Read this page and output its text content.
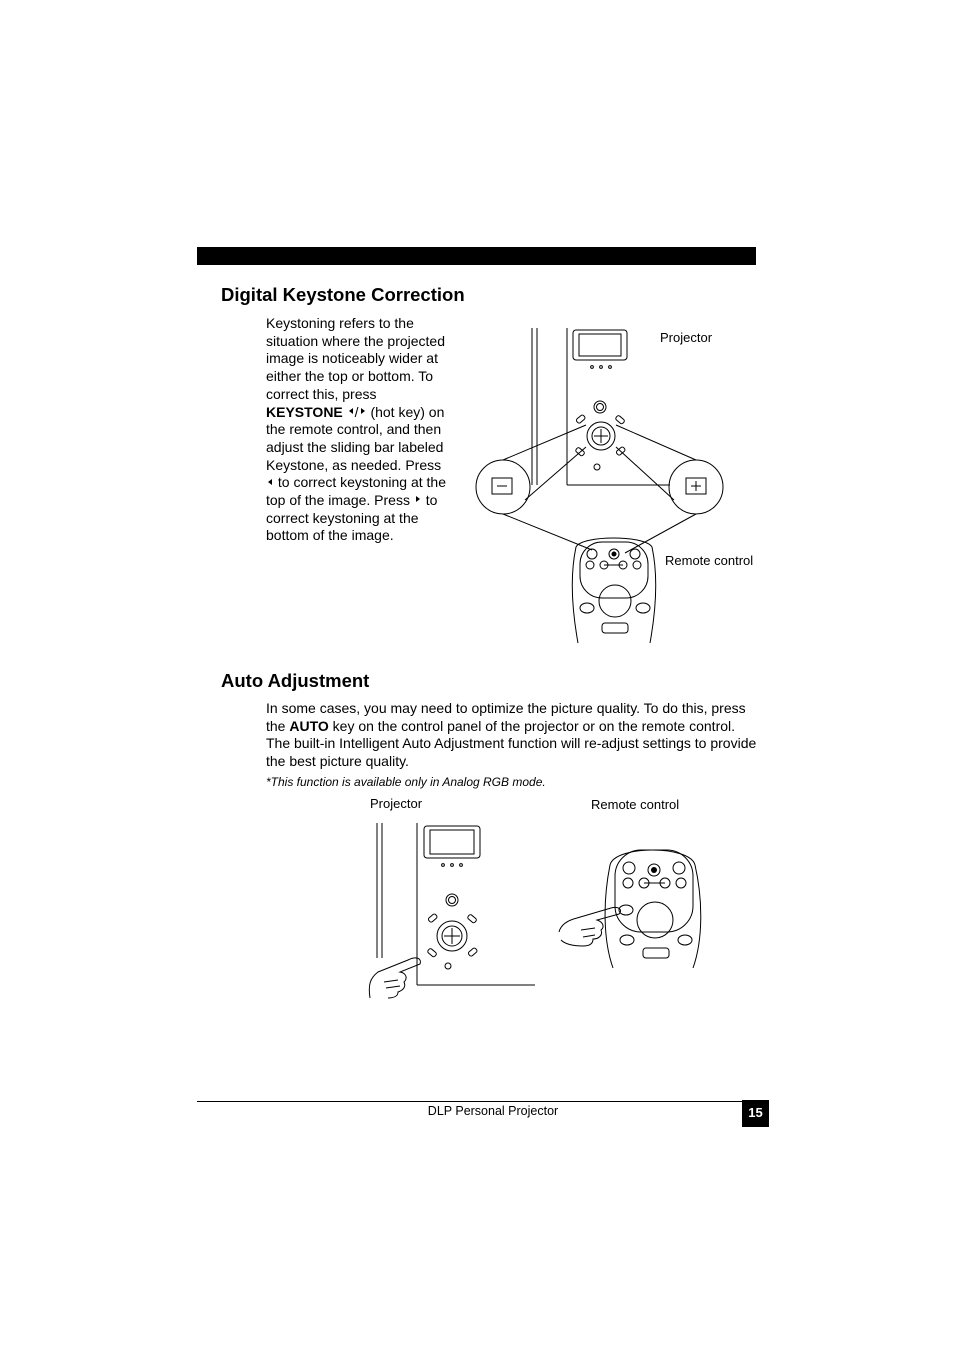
Digital Keystone Correction
Keystoning refers to the situation where the projected image is noticeably wider at either the top or bottom. To correct this, press KEYSTONE / (hot key) on the remote control, and then adjust the sliding bar labeled Keystone, as needed. Press  to correct keystoning at the top of the image. Press to correct keystoning at the bottom of the image.
Projector
Remote control
Auto Adjustment
In some cases, you may need to optimize the picture quality. To do this, press the AUTO key on the control panel of the projector or on the remote control. The built-in Intelligent Auto Adjustment function will re-adjust settings to provide the best picture quality.
*This function is available only in Analog RGB mode.
Projector	Remote control
DLP Personal Projector	15
